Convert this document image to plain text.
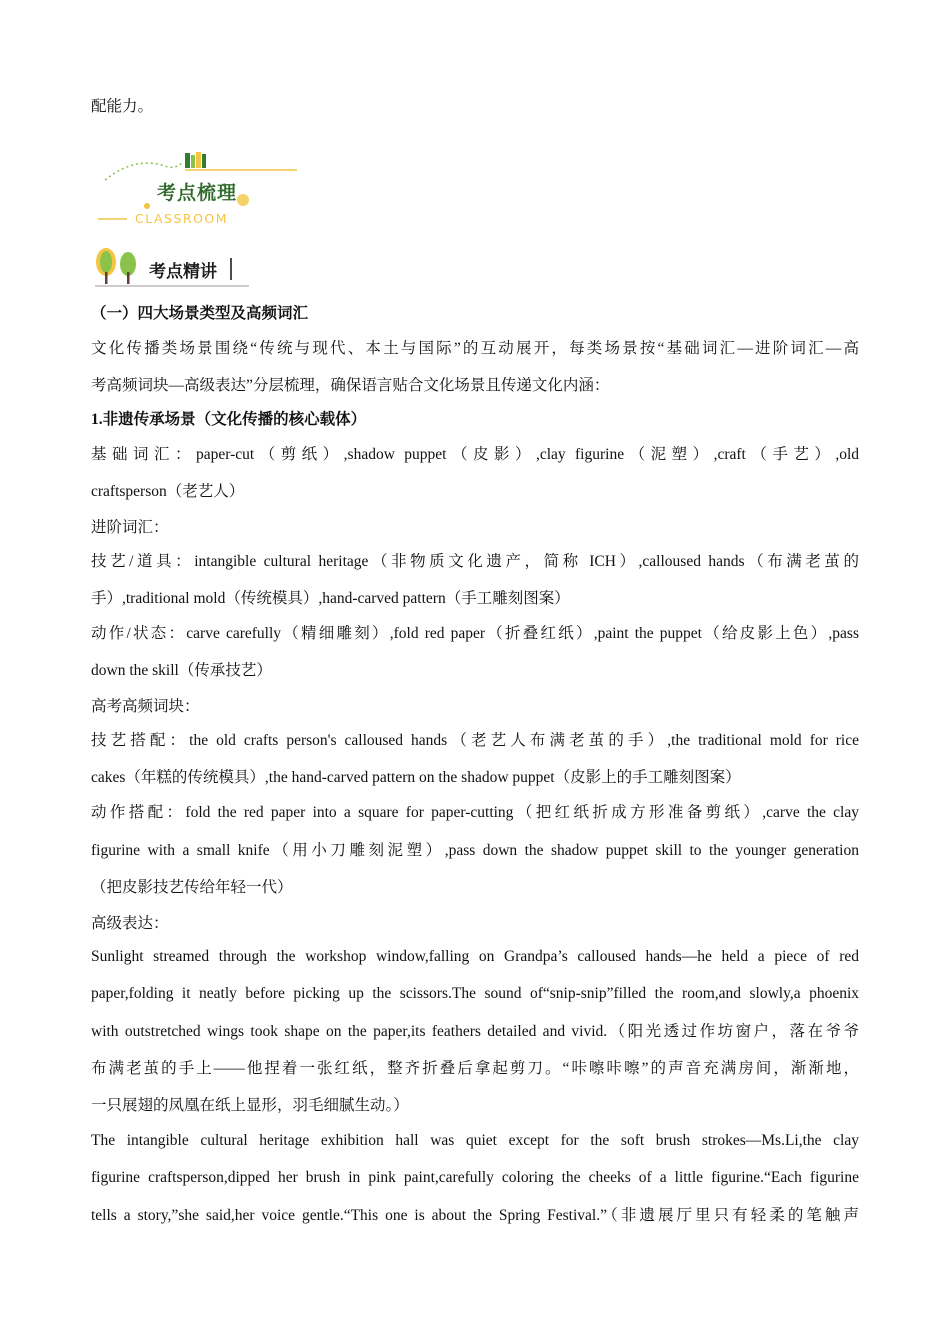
配能力。
（一）四大场景类型及高频词汇
文化传播类场景围绕“传统与现代、本土与国际”的互动展开，每类场景按“基础词汇—进阶词汇—高
考高频词块—高级表达”分层梳理，确保语言贴合文化场景且传递文化内涵：
1.非遗传承场景（文化传播的核心载体）
基础词汇：paper-cut（剪纸）,shadow puppet（皮影）,clay figurine（泥塑）,craft（手艺）,old
craftsperson（老艺人）
进阶词汇：
技艺/道具：intangible cultural heritage（非物质文化遗产，简称 ICH）,calloused hands（布满老茧的
手）,traditional mold（传统模具）,hand-carved pattern（手工雕刻图案）
动作/状态：carve carefully（精细雕刻）,fold red paper（折叠红纸）,paint the puppet（给皮影上色）,pass
down the skill（传承技艺）
高考高频词块：
技艺搭配：the old crafts person's calloused hands（老艺人布满老茧的手）,the traditional mold for rice
cakes（年糕的传统模具）,the hand-carved pattern on the shadow puppet（皮影上的手工雕刻图案）
动作搭配：fold the red paper into a square for paper-cutting（把红纸折成方形准备剪纸）,carve the clay
figurine with a small knife（用小刀雕刻泥塑）,pass down the shadow puppet skill to the younger generation
（把皮影技艺传给年轻一代）
高级表达：
Sunlight streamed through the workshop window,falling on Grandpa’s calloused hands—he held a piece of red
paper,folding it neatly before picking up the scissors.The sound of“snip-snip”filled the room,and slowly,a phoenix
with outstretched wings took shape on the paper,its feathers detailed and vivid.（阳光透过作坊窗户，落在爷爷
布满老茧的手上——他捏着一张红纸，整齐折叠后拿起剪刀。“咔嚓咔嚓”的声音充满房间，渐渐地，
一只展翅的凤凰在纸上显形，羽毛细腻生动。）
The intangible cultural heritage exhibition hall was quiet except for the soft brush strokes—Ms.Li,the clay
figurine craftsperson,dipped her brush in pink paint,carefully coloring the cheeks of a little figurine.“Each figurine
tells a story,”she said,her voice gentle.“This one is about the Spring Festival.”（非遗展厅里只有轻柔的笔触声
考点梳理
CLASSROOM
考点精讲
